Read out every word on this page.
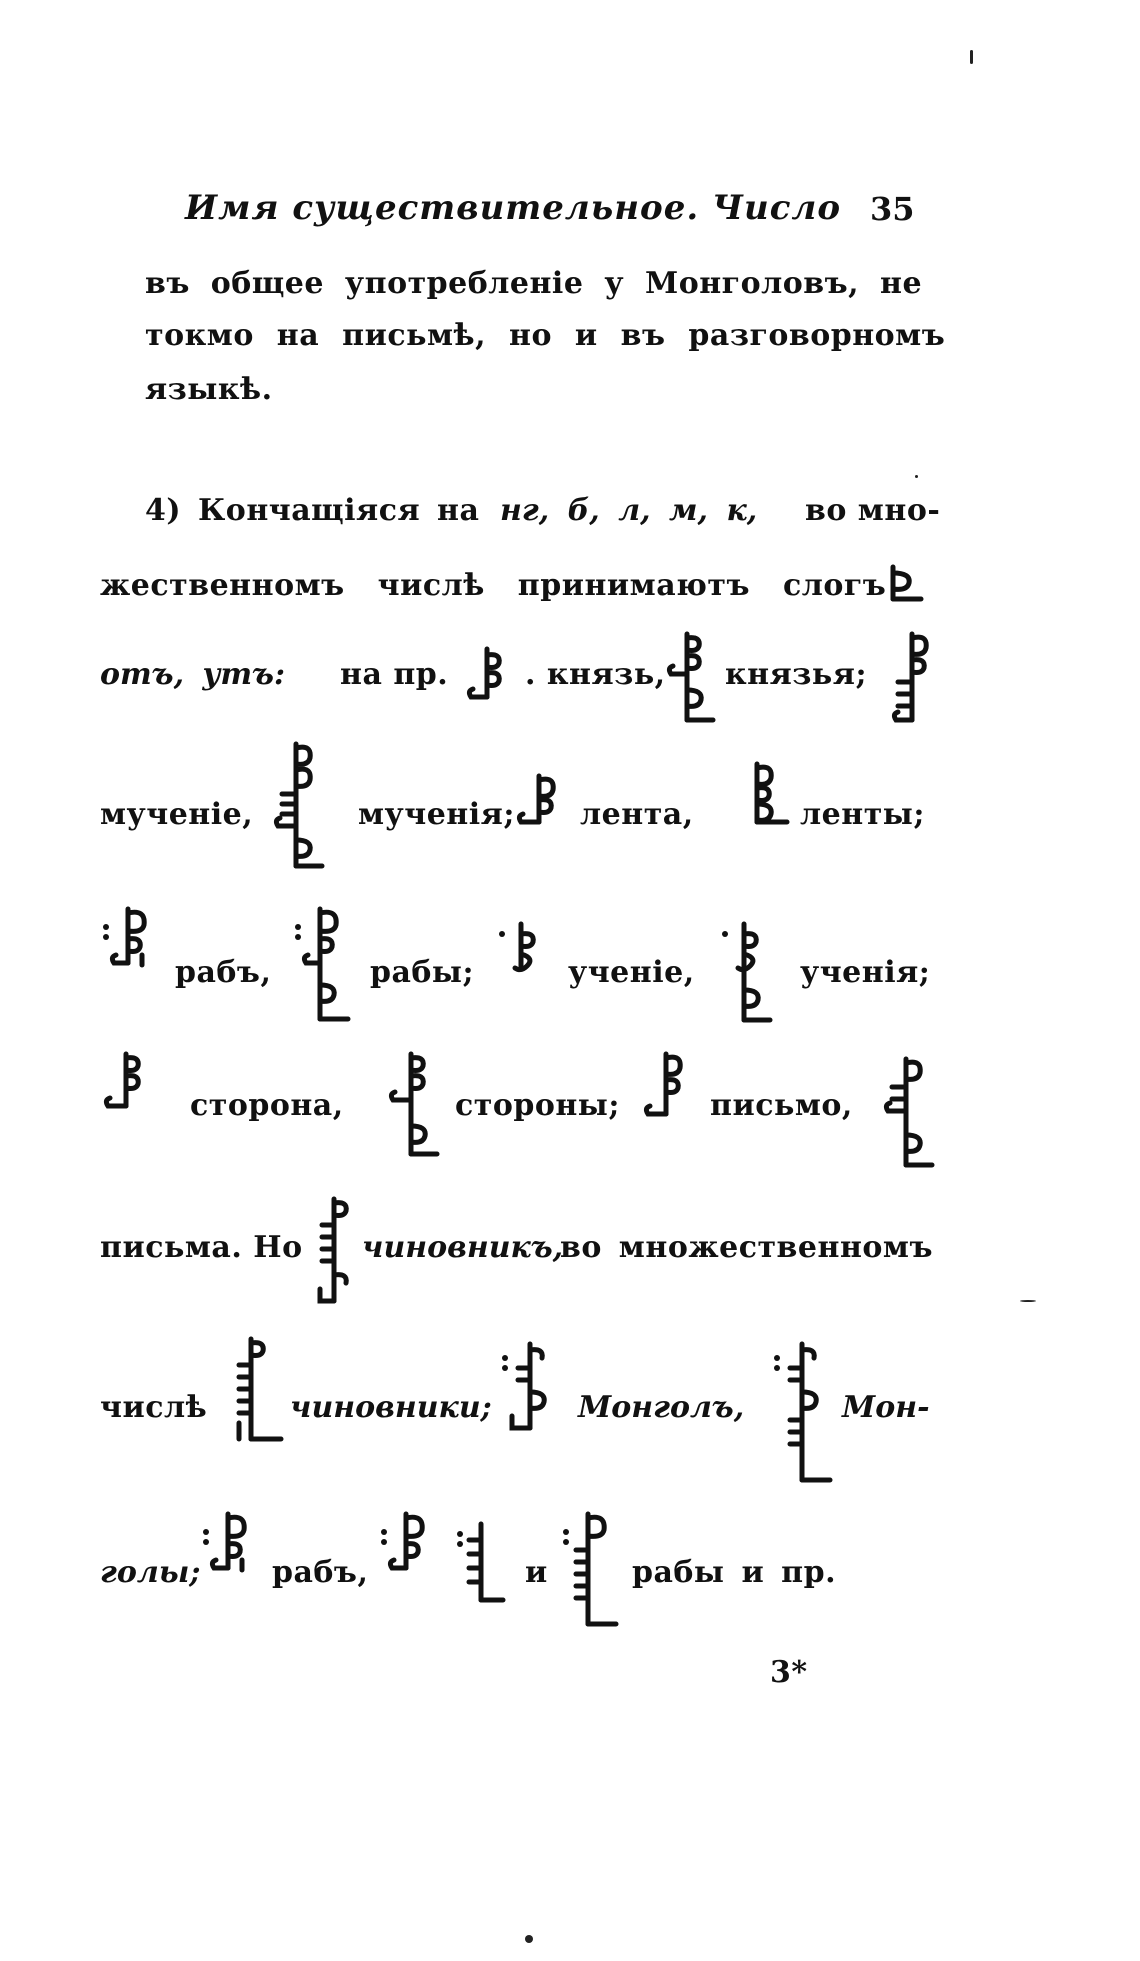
Имя существительное. Число 35
въ общее употребленіе у Монголовъ, не
токмо на письмѣ, но и въ разговорномъ
языкѣ.
4) Кончащіяся на нг, б, л, м, к, во мно-
жественномъ числѣ принимаютъ слогъ
отъ, утъ: на пр.	. князь, князья;
мученіе,	мученія; лента,	ленты;
рабъ,	рабы;	ученіе,	ученія;
сторона,	стороны;	письмо,
письма. Но чиновникъ,
во множественномъ
числѣ	чиновники;	Монголъ,	Мон-
голы; рабъ,	и	рабы и пр.
3*
